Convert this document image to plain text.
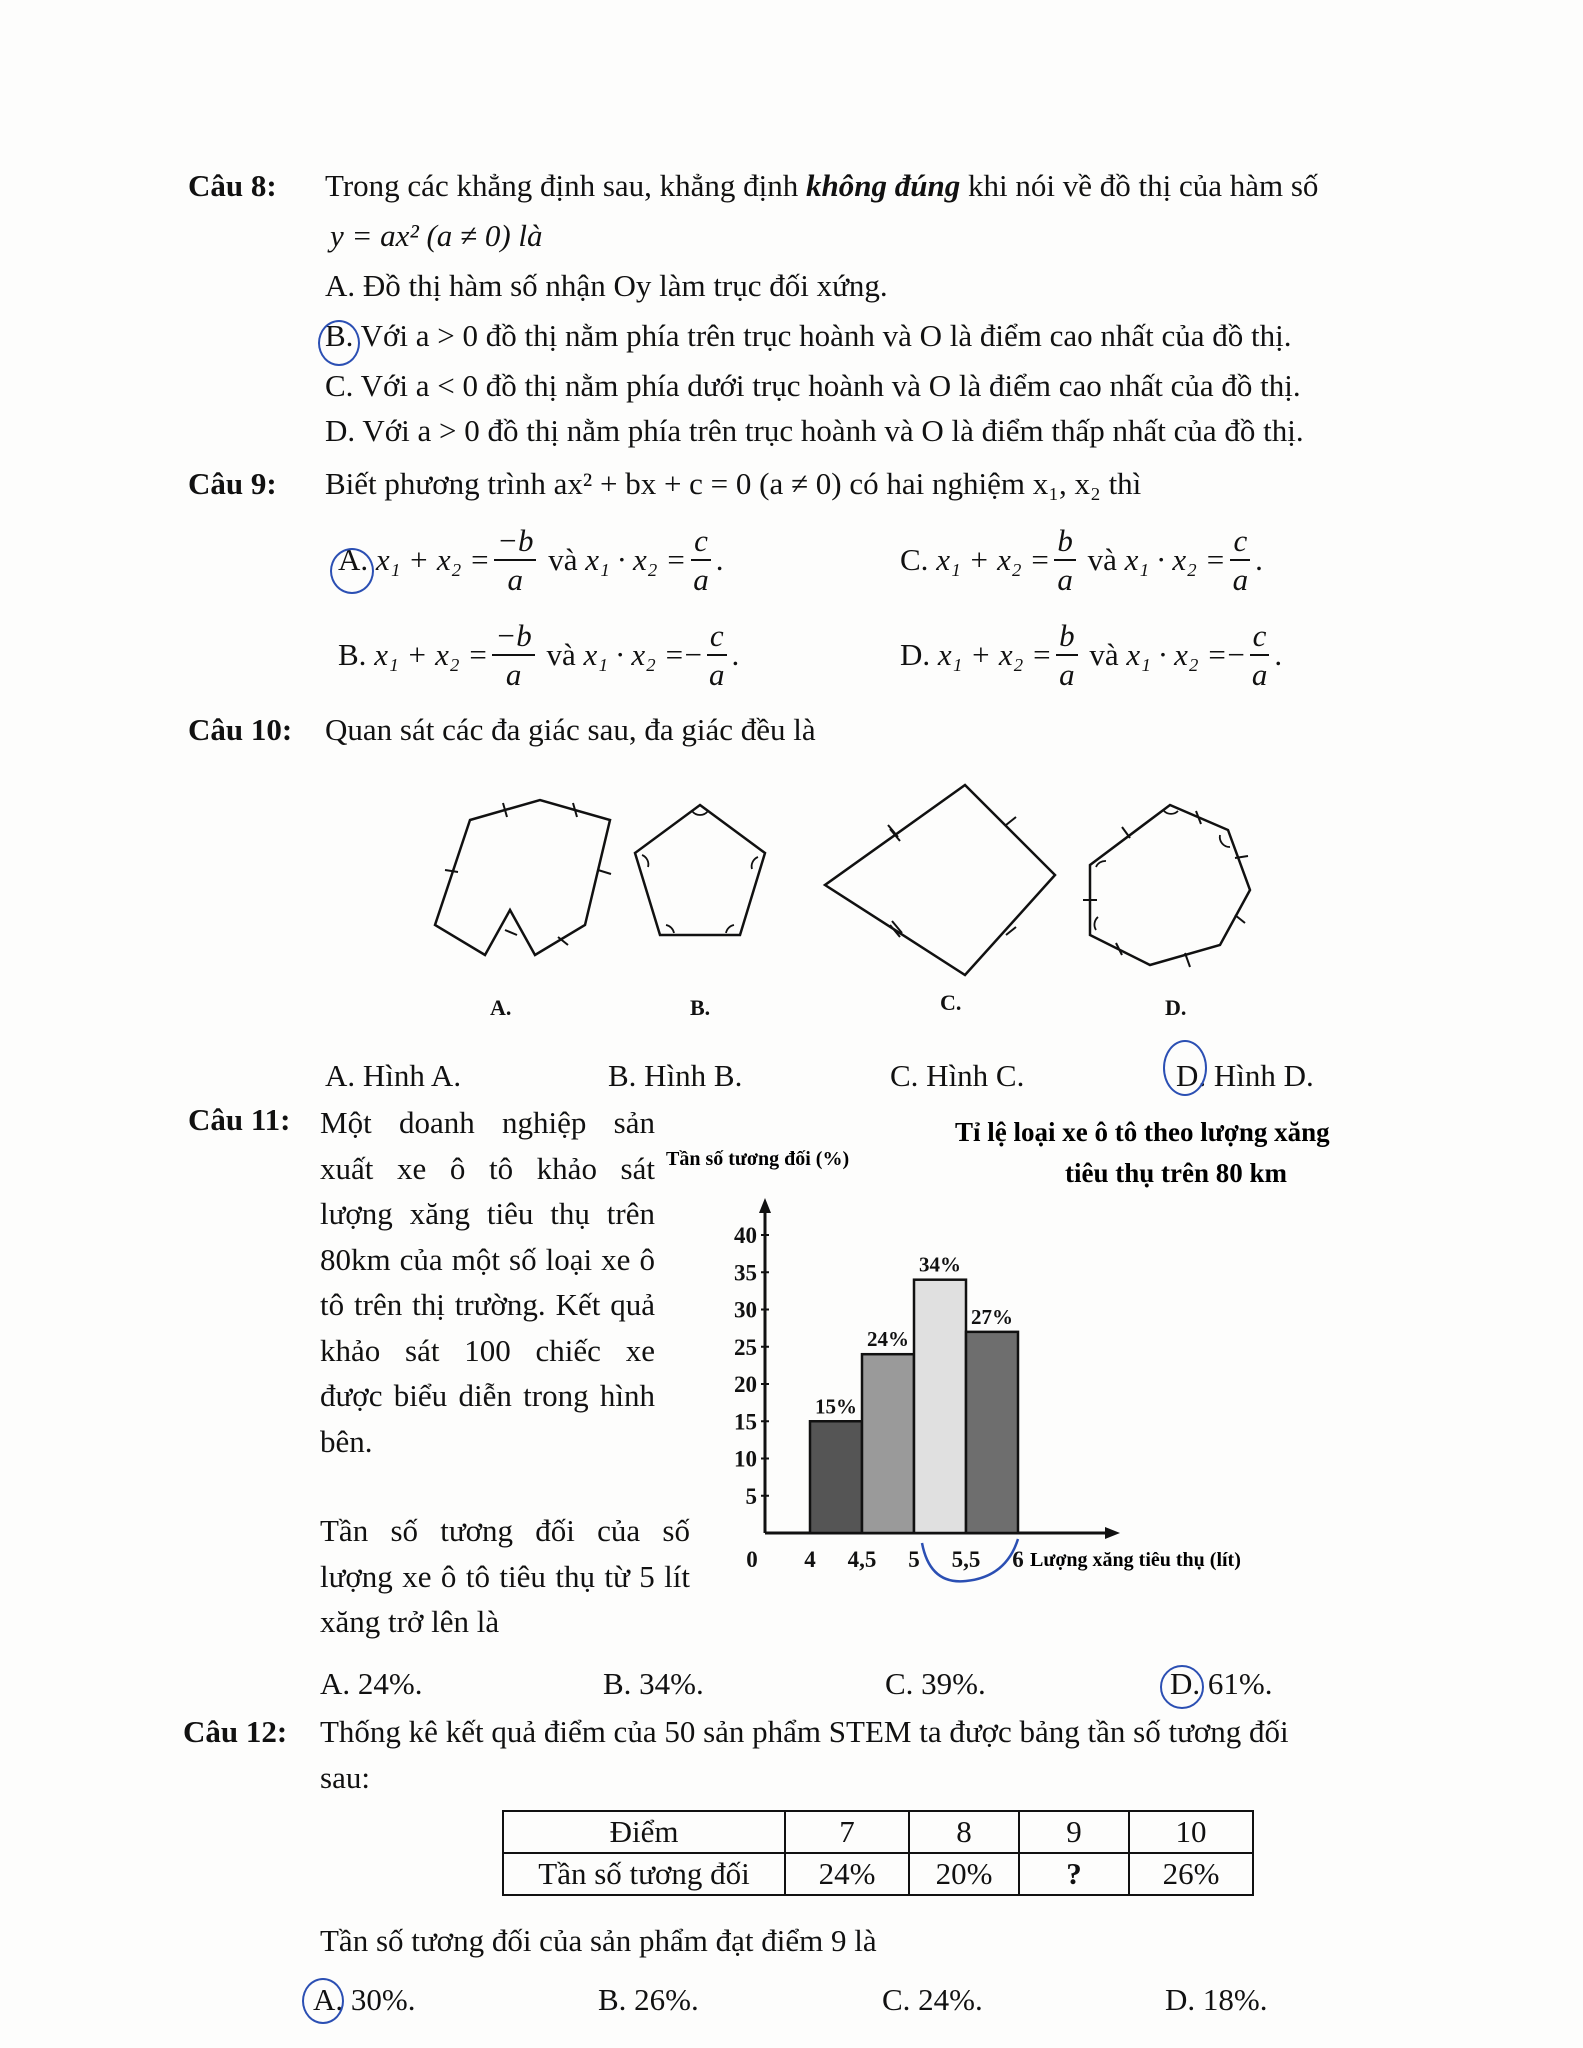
Câu 8: Trong các khẳng định sau, khẳng định không đúng khi nói về đồ thị của hàm số
y = ax² (a ≠ 0) là
A. Đồ thị hàm số nhận Oy làm trục đối xứng.
B. Với a > 0 đồ thị nằm phía trên trục hoành và O là điểm cao nhất của đồ thị.
C. Với a < 0 đồ thị nằm phía dưới trục hoành và O là điểm cao nhất của đồ thị.
D. Với a > 0 đồ thị nằm phía trên trục hoành và O là điểm thấp nhất của đồ thị.
Câu 9: Biết phương trình ax² + bx + c = 0 (a ≠ 0) có hai nghiệm x₁, x₂ thì
A.
$x_1 + x_2 = \frac{-b}{a}$
và
$x_1 \cdot x_2 = \frac{c}{a}$ .	C.
$x_1 + x_2 = \frac{b}{a}$
và
$x_1 \cdot x_2 = \frac{c}{a}$ .
B.
$x_1 + x_2 = \frac{-b}{a}$
và
x₁ · x₂ = − $\frac{c}{a}$ .	D.
$x_1 + x_2 = \frac{b}{a}$
và
x₁ · x₂ = − $\frac{c}{a}$ .
Câu 10: Quan sát các đa giác sau, đa giác đều là
A.	B.	C.	D.
A. Hình A.	B. Hình B.	C. Hình C.	D. Hình D.
Câu 11: Một doanh nghiệp sản xuất xe ô tô khảo sát lượng xăng tiêu thụ trên 80km của một số loại xe ô tô trên thị trường. Kết quả khảo sát 100 chiếc xe được biểu diễn trong hình bên.
Tần số tương đối của số lượng xe ô tô tiêu thụ từ 5 lít xăng trở lên là
Tỉ lệ loại xe ô tô theo lượng xăng
tiêu thụ trên 80 km
Tần số tương đối (%)
Lượng xăng tiêu thụ (lít)
15%
24%
34%
27%
5
10
15
20
25
30
35
40
0 4 4,5 5 5,5 6
A. 24%.	B. 34%.	C. 39%.	D. 61%.
Câu 12: Thống kê kết quả điểm của 50 sản phẩm STEM ta được bảng tần số tương đối
sau:
Điểm	7	8	9	10
Tần số tương đối	24%	20%	?	26%
Tần số tương đối của sản phẩm đạt điểm 9 là
A. 30%.	B. 26%.	C. 24%.	D. 18%.
